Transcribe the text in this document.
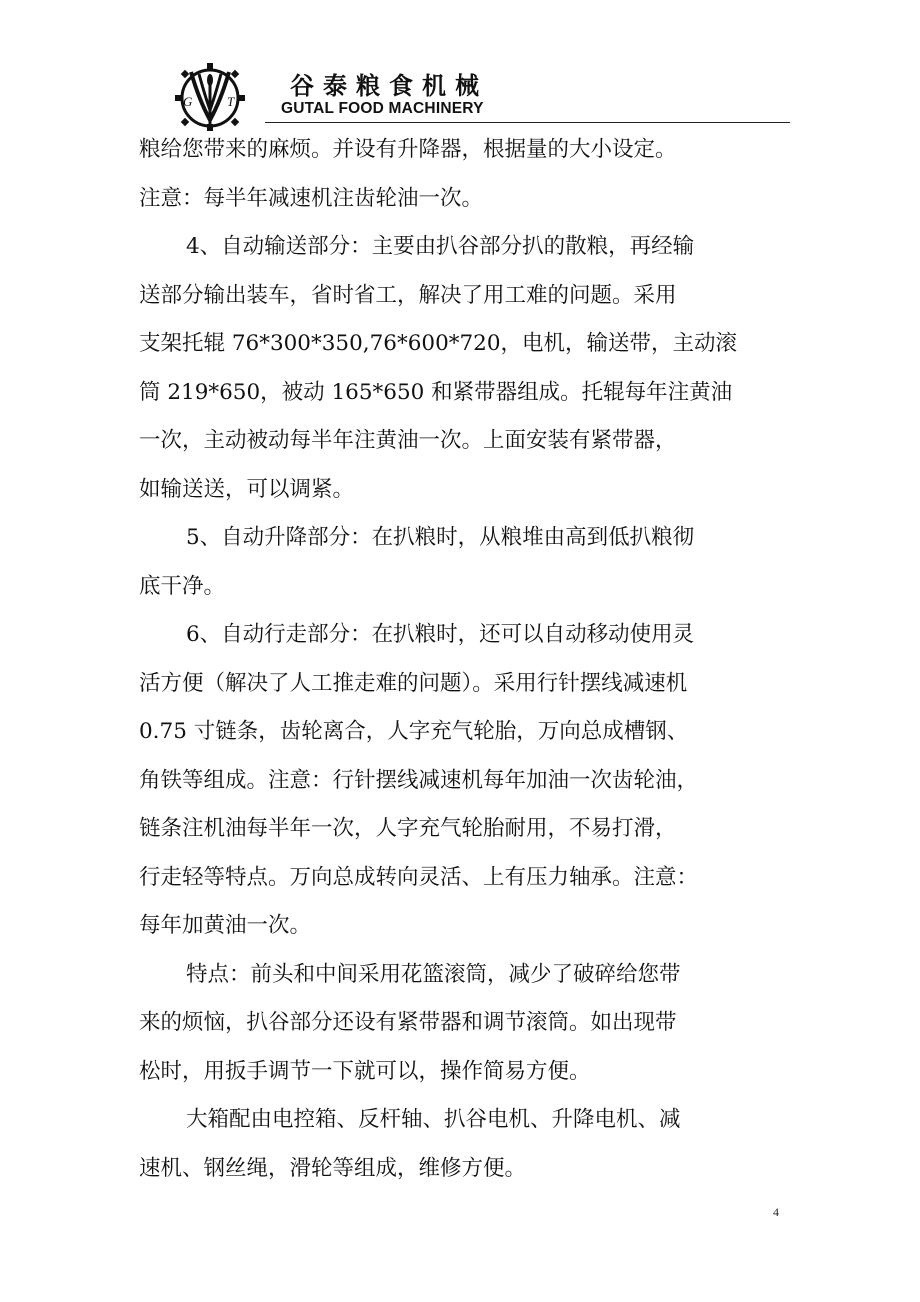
G	T
谷泰粮食机械
GUTAL FOOD MACHINERY
粮给您带来的麻烦。并设有升降器，根据量的大小设定。
注意：每半年减速机注齿轮油一次。
4、自动输送部分：主要由扒谷部分扒的散粮，再经输
送部分输出装车，省时省工，解决了用工难的问题。采用
支架托辊 76*300*350,76*600*720，电机，输送带，主动滚
筒 219*650，被动 165*650 和紧带器组成。托辊每年注黄油
一次，主动被动每半年注黄油一次。上面安装有紧带器，
如输送送，可以调紧。
5、自动升降部分：在扒粮时，从粮堆由高到低扒粮彻
底干净。
6、自动行走部分：在扒粮时，还可以自动移动使用灵
活方便（解决了人工推走难的问题）。采用行针摆线减速机
0.75 寸链条，齿轮离合，人字充气轮胎，万向总成槽钢、
角铁等组成。注意：行针摆线减速机每年加油一次齿轮油，
链条注机油每半年一次，人字充气轮胎耐用，不易打滑，
行走轻等特点。万向总成转向灵活、上有压力轴承。注意：
每年加黄油一次。
特点：前头和中间采用花篮滚筒，减少了破碎给您带
来的烦恼，扒谷部分还设有紧带器和调节滚筒。如出现带
松时，用扳手调节一下就可以，操作简易方便。
大箱配由电控箱、反杆轴、扒谷电机、升降电机、减
速机、钢丝绳，滑轮等组成，维修方便。
4
